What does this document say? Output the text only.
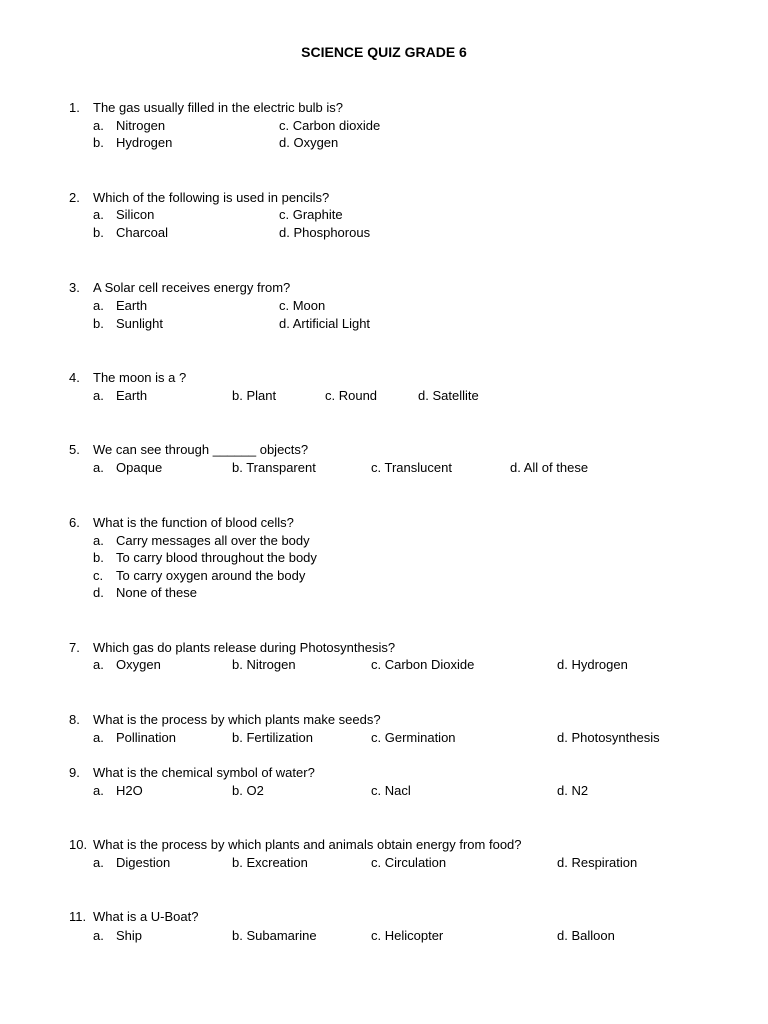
SCIENCE QUIZ GRADE 6
1. The gas usually filled in the electric bulb is?
a. Nitrogen	c. Carbon dioxide
b. Hydrogen	d. Oxygen
2. Which of the following is used in pencils?
a. Silicon	c. Graphite
b. Charcoal	d. Phosphorous
3. A Solar cell receives energy from?
a. Earth	c. Moon
b. Sunlight	d. Artificial Light
4. The moon is a ?
a. Earth	b. Plant	c. Round	d. Satellite
5. We can see through ______ objects?
a. Opaque	b. Transparent	c. Translucent	d. All of these
6. What is the function of blood cells?
a. Carry messages all over the body
b. To carry blood throughout the body
c. To carry oxygen around the body
d. None of these
7. Which gas do plants release during Photosynthesis?
a. Oxygen	b. Nitrogen	c. Carbon Dioxide	d. Hydrogen
8. What is the process by which plants make seeds?
a. Pollination	b. Fertilization	c. Germination	d. Photosynthesis
9. What is the chemical symbol of water?
a. H2O	b. O2	c. Nacl	d. N2
10. What is the process by which plants and animals obtain energy from food?
a. Digestion	b. Excreation	c. Circulation	d. Respiration
11. What is a U-Boat?
a. Ship	b. Subamarine	c. Helicopter	d. Balloon
